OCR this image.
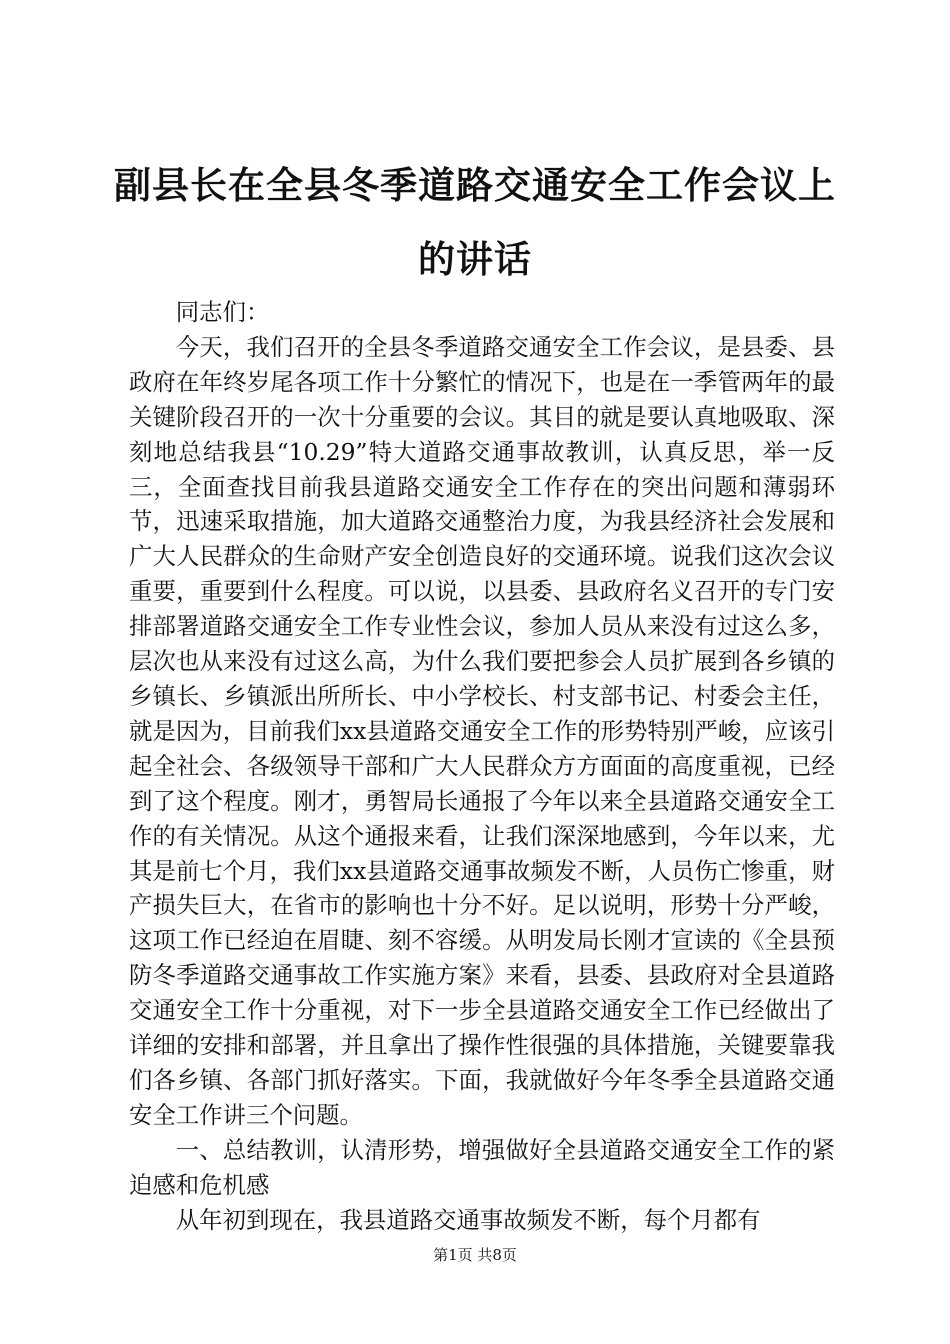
副县长在全县冬季道路交通安全工作会议上的讲话

同志们：

今天，我们召开的全县冬季道路交通安全工作会议，是县委、县政府在年终岁尾各项工作十分繁忙的情况下，也是在一季管两年的最关键阶段召开的一次十分重要的会议。其目的就是要认真地吸取、深刻地总结我县“10.29”特大道路交通事故教训，认真反思，举一反三，全面查找目前我县道路交通安全工作存在的突出问题和薄弱环节，迅速采取措施，加大道路交通整治力度，为我县经济社会发展和广大人民群众的生命财产安全创造良好的交通环境。说我们这次会议重要，重要到什么程度。可以说，以县委、县政府名义召开的专门安排部署道路交通安全工作专业性会议，参加人员从来没有过这么多，层次也从来没有过这么高，为什么我们要把参会人员扩展到各乡镇的乡镇长、乡镇派出所所长、中小学校长、村支部书记、村委会主任，就是因为，目前我们xx县道路交通安全工作的形势特别严峻，应该引起全社会、各级领导干部和广大人民群众方方面面的高度重视，已经到了这个程度。刚才，勇智局长通报了今年以来全县道路交通安全工作的有关情况。从这个通报来看，让我们深深地感到，今年以来，尤其是前七个月，我们xx县道路交通事故频发不断，人员伤亡惨重，财产损失巨大，在省市的影响也十分不好。足以说明，形势十分严峻，这项工作已经迫在眉睫、刻不容缓。从明发局长刚才宣读的《全县预防冬季道路交通事故工作实施方案》来看，县委、县政府对全县道路交通安全工作十分重视，对下一步全县道路交通安全工作已经做出了详细的安排和部署，并且拿出了操作性很强的具体措施，关键要靠我们各乡镇、各部门抓好落实。下面，我就做好今年冬季全县道路交通安全工作讲三个问题。

一、总结教训，认清形势，增强做好全县道路交通安全工作的紧迫感和危机感

从年初到现在，我县道路交通事故频发不断，每个月都有

第1页 共8页
